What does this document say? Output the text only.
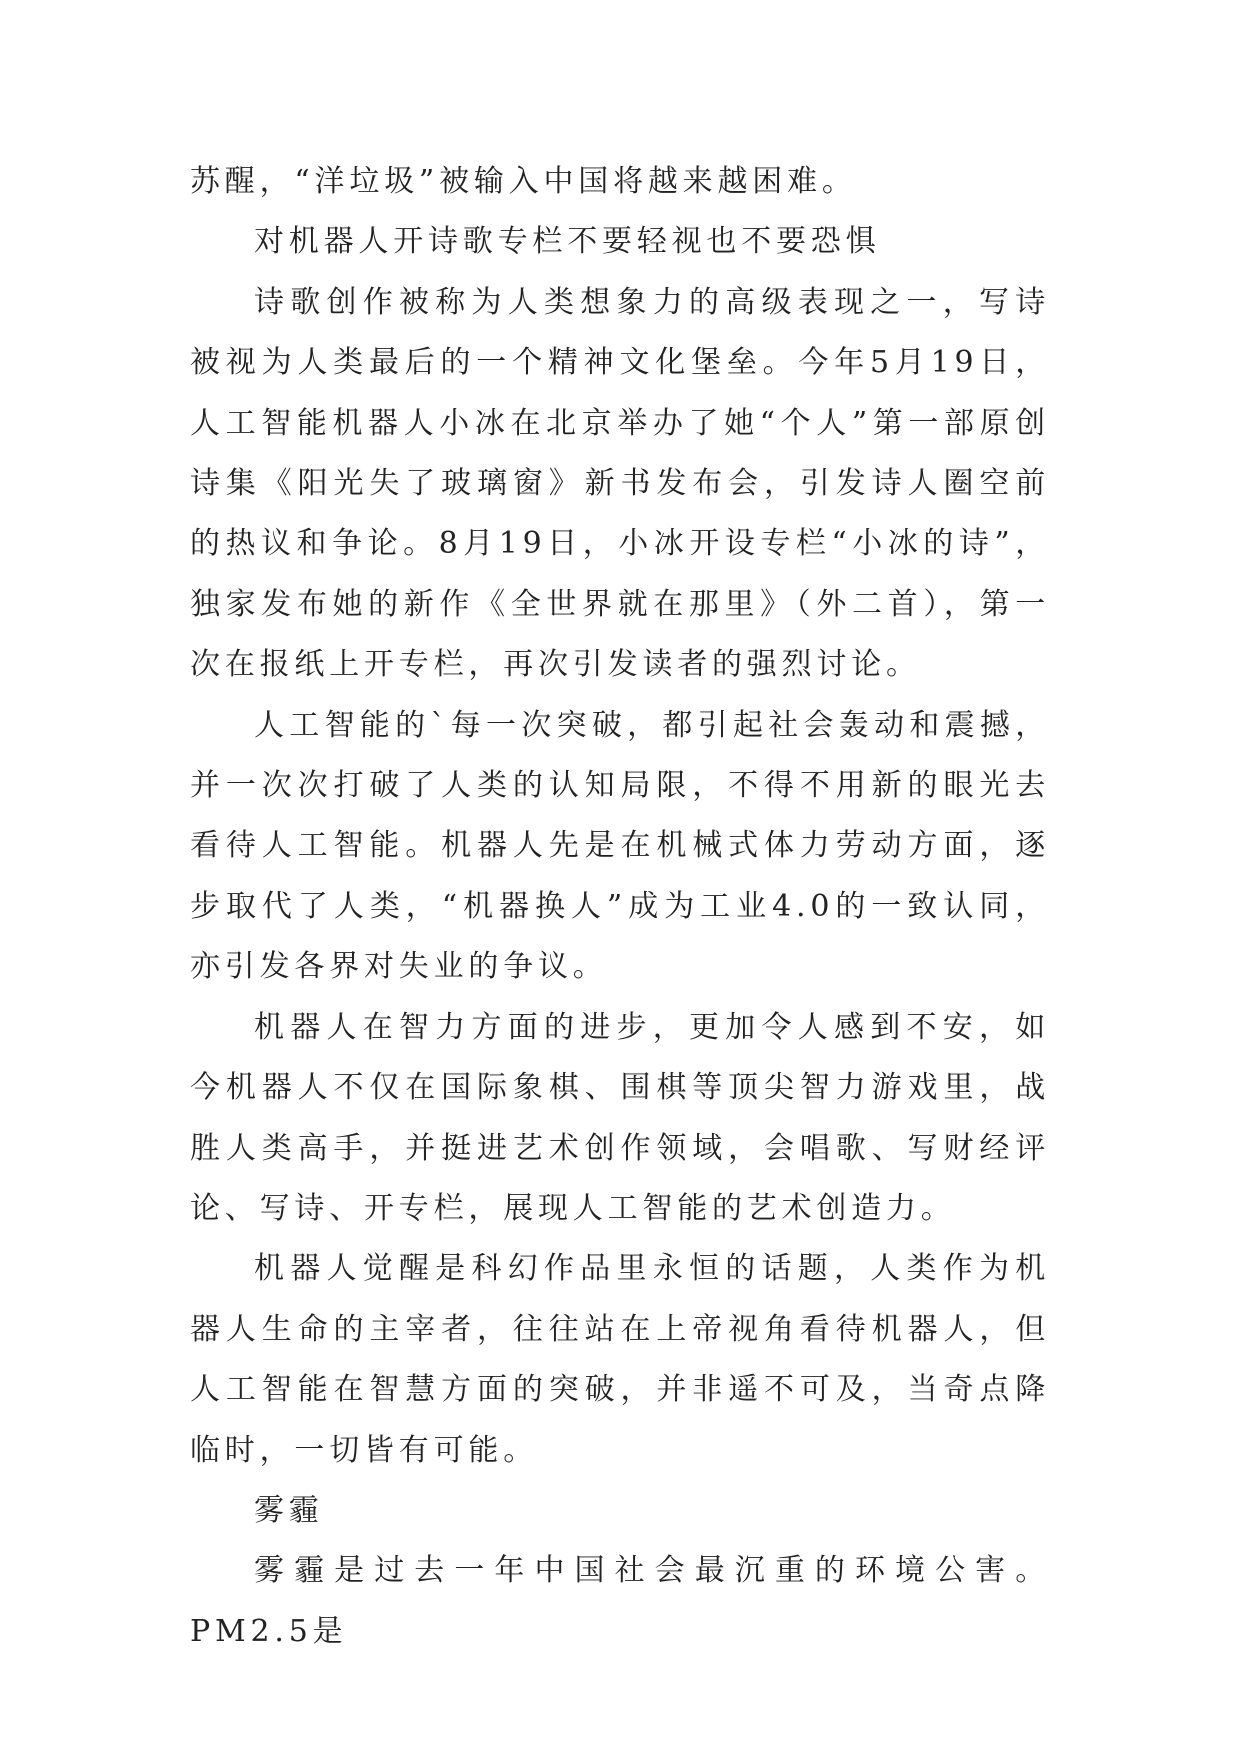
苏醒，“洋垃圾”被输入中国将越来越困难。

对机器人开诗歌专栏不要轻视也不要恐惧

诗歌创作被称为人类想象力的高级表现之一，写诗被视为人类最后的一个精神文化堡垒。今年5月19日，人工智能机器人小冰在北京举办了她“个人”第一部原创诗集《阳光失了玻璃窗》新书发布会，引发诗人圈空前的热议和争论。8月19日，小冰开设专栏“小冰的诗”，独家发布她的新作《全世界就在那里》（外二首），第一次在报纸上开专栏，再次引发读者的强烈讨论。

人工智能的`每一次突破，都引起社会轰动和震撼，并一次次打破了人类的认知局限，不得不用新的眼光去看待人工智能。机器人先是在机械式体力劳动方面，逐步取代了人类，“机器换人”成为工业4.0的一致认同，亦引发各界对失业的争议。

机器人在智力方面的进步，更加令人感到不安，如今机器人不仅在国际象棋、围棋等顶尖智力游戏里，战胜人类高手，并挺进艺术创作领域，会唱歌、写财经评论、写诗、开专栏，展现人工智能的艺术创造力。

机器人觉醒是科幻作品里永恒的话题，人类作为机器人生命的主宰者，往往站在上帝视角看待机器人，但人工智能在智慧方面的突破，并非遥不可及，当奇点降临时，一切皆有可能。

雾霾

雾霾是过去一年中国社会最沉重的环境公害。PM2.5是
